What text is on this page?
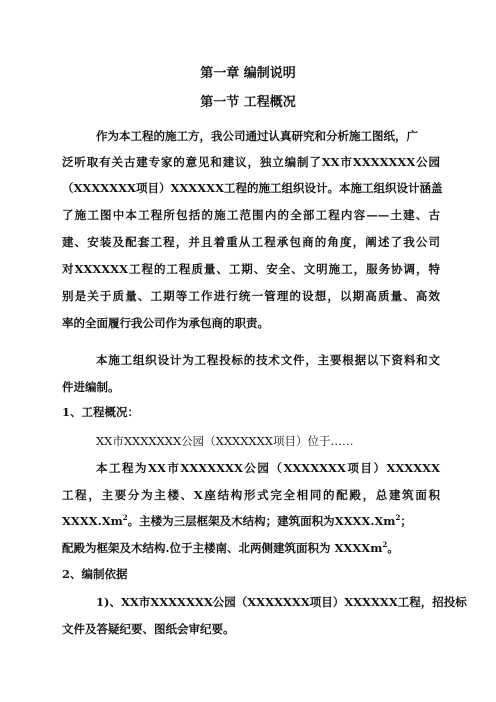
第一章 编制说明
第一节 工程概况
作为本工程的施工方，我公司通过认真研究和分析施工图纸，广
泛听取有关古建专家的意见和建议，独立编制了XX市XXXXXXX公园
（XXXXXXX项目）XXXXXX工程的施工组织设计。本施工组织设计涵盖
了施工图中本工程所包括的施工范围内的全部工程内容——土建、古
建、安装及配套工程，并且着重从工程承包商的角度，阐述了我公司
对XXXXXX工程的工程质量、工期、安全、文明施工，服务协调，特
别是关于质量、工期等工作进行统一管理的设想，以期高质量、高效
率的全面履行我公司作为承包商的职责。
本施工组织设计为工程投标的技术文件，主要根据以下资料和文
件进编制。
1、工程概况：
XX市XXXXXXX公园（XXXXXXX项目）位于……
本工程为XX市XXXXXXX公园（XXXXXXX项目）XXXXXX
工程，主要分为主楼、X座结构形式完全相同的配殿，总建筑面积
XXXX.Xm$^2$。主楼为三层框架及木结构；建筑面积为XXXX.Xm$^2$；
配殿为框架及木结构.位于主楼南、北两侧建筑面积为 XXXXm$^2$。
2、编制依据
1)、XX市XXXXXXX公园（XXXXXXX项目）XXXXXX工程，招投标
文件及答疑纪要、图纸会审纪要。
